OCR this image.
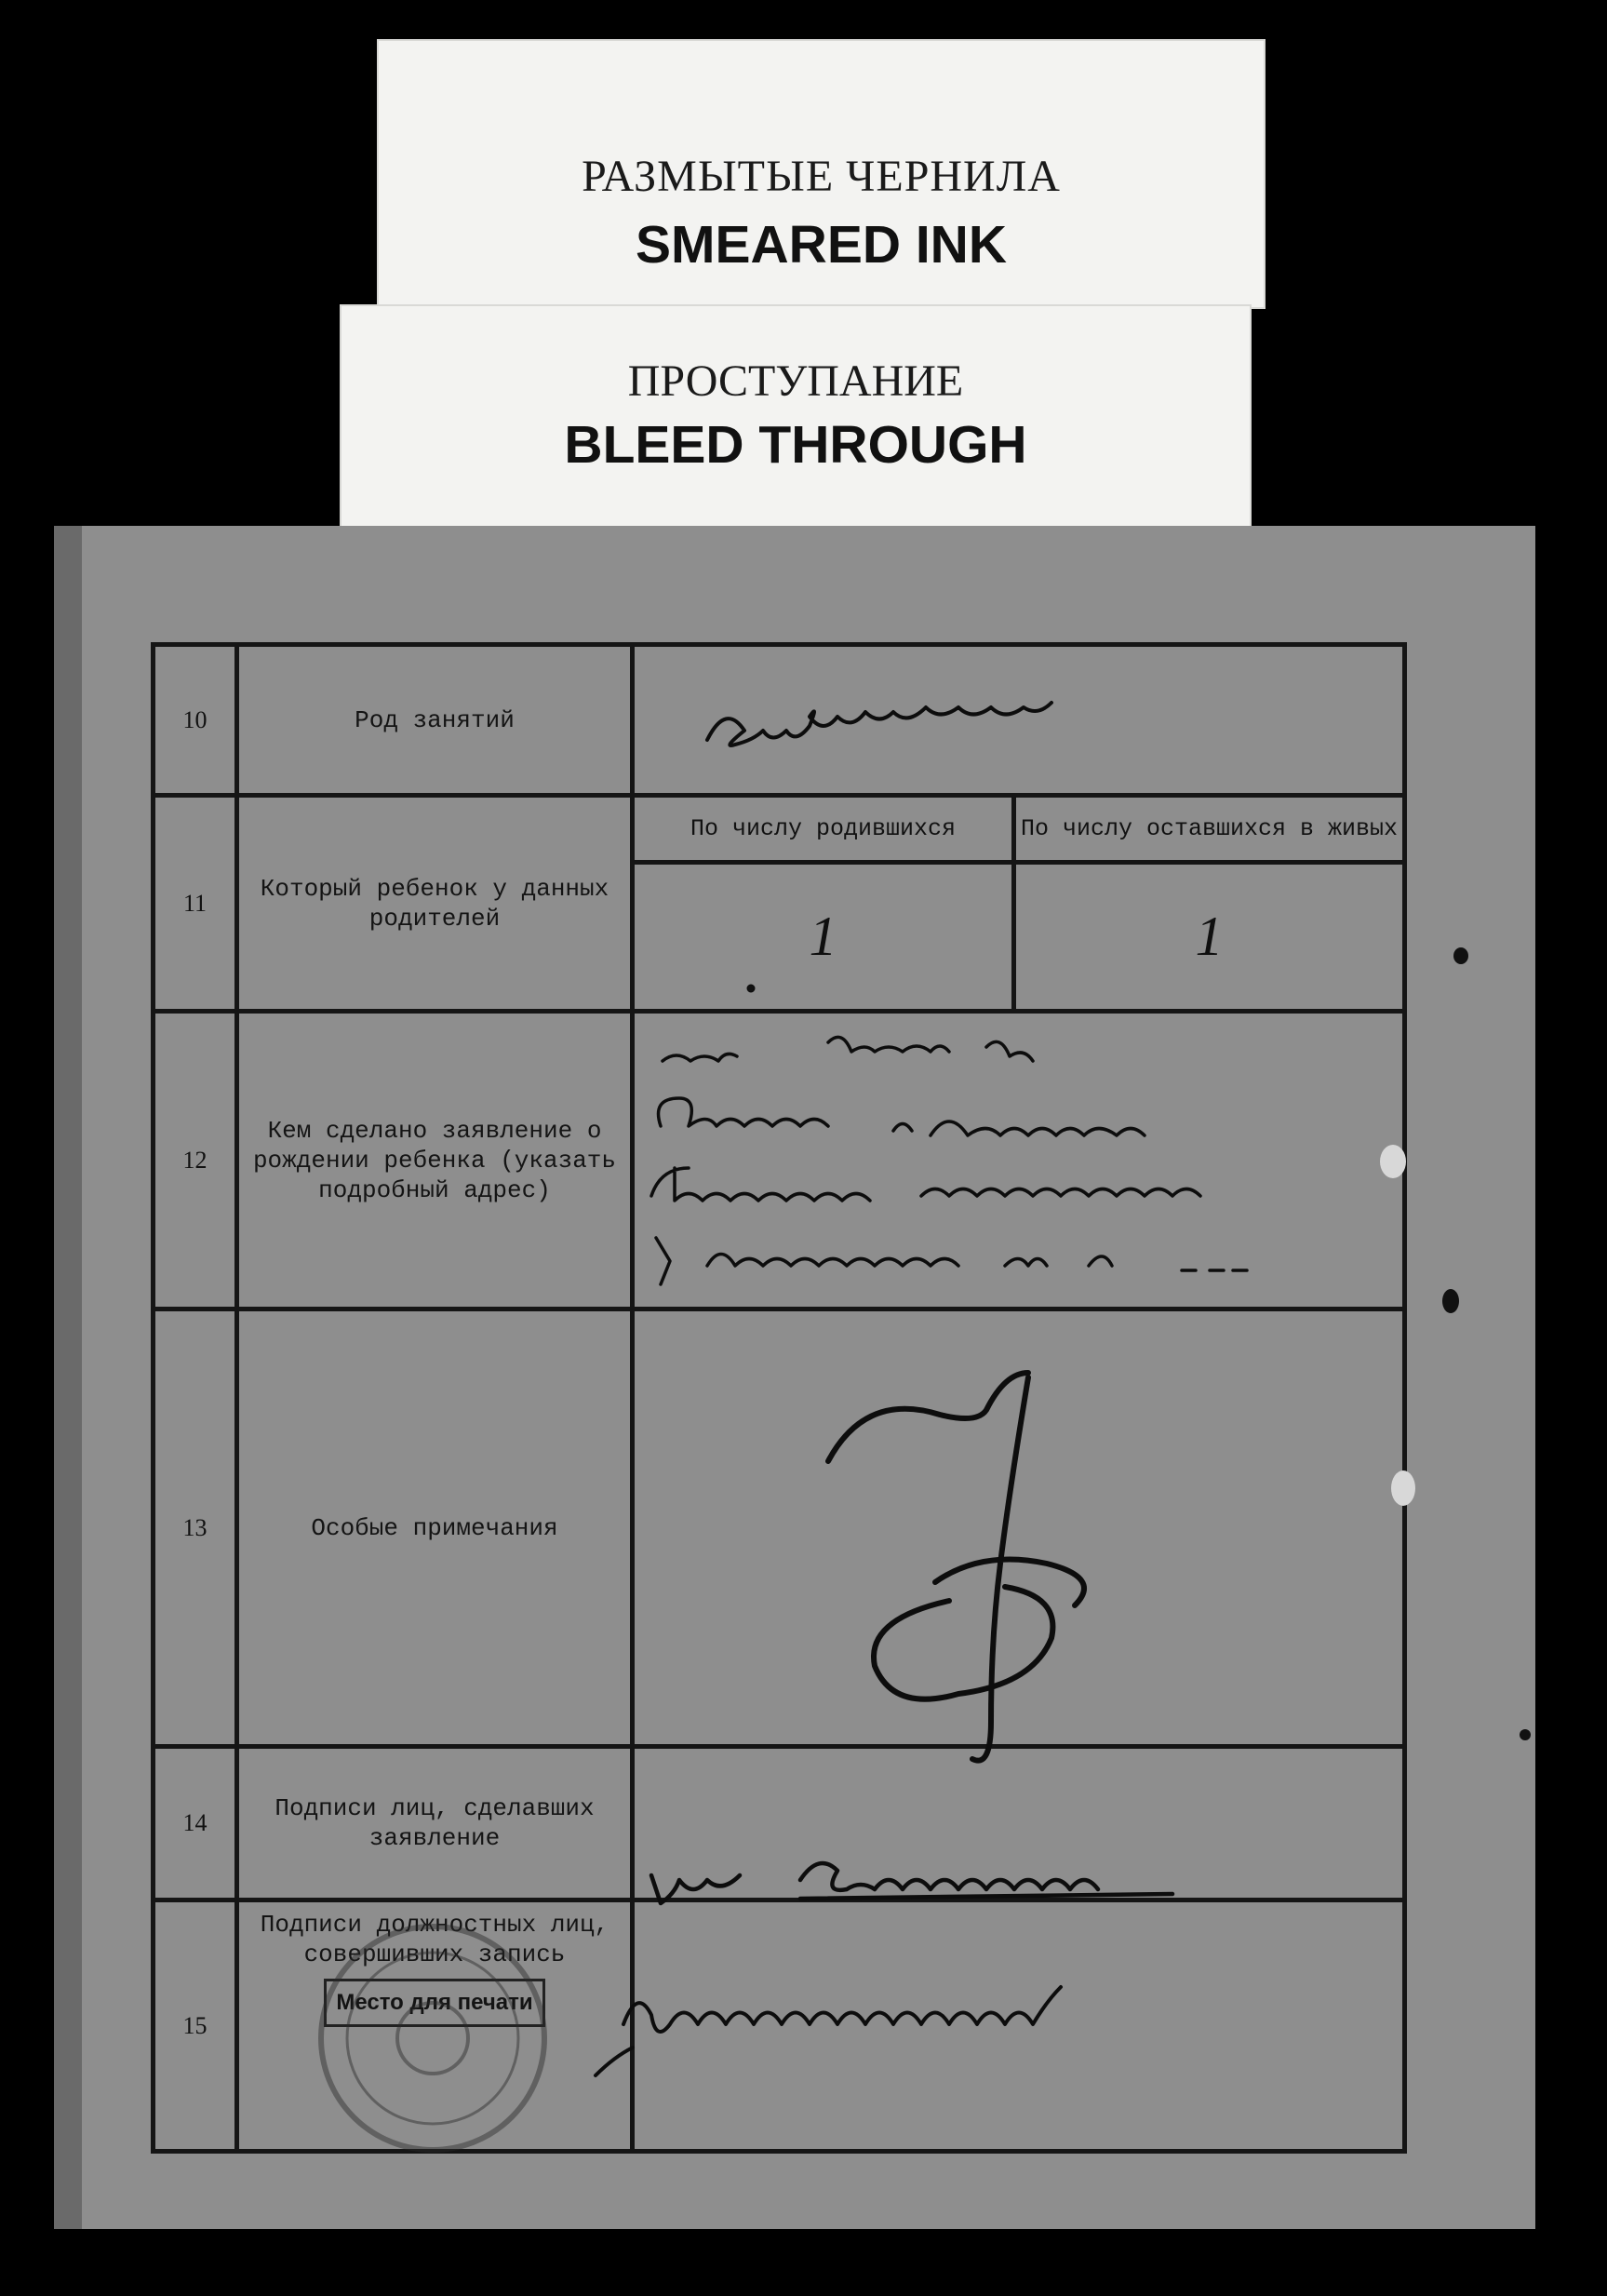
РАЗМЫТЫЕ ЧЕРНИЛА
SMEARED INK
ПРОСТУПАНИЕ
BLEED THROUGH
10	Род занятий		
11	Который ребенок у данных родителей	По числу родившихся	По числу оставшихся в живых
		1	1
12	Кем сделано заявление о рождении ребенка (указать подробный адрес)		
13	Особые примечания		
14	Подписи лиц, сделавших заявление		
15	Подписи должностных лиц, совершивших запись
Место для печати		
